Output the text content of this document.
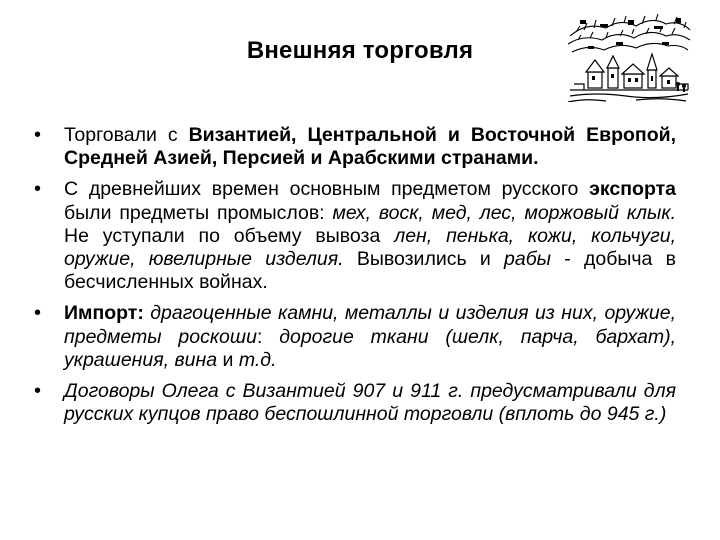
Внешняя торговля
• Торговали с Византией, Центральной и Восточной Европой, Средней Азией, Персией и Арабскими странами.
• С древнейших времен основным предметом русского экспорта были предметы промыслов: мех, воск, мед, лес, моржовый клык. Не уступали по объему вывоза лен, пенька, кожи, кольчуги, оружие, ювелирные изделия. Вывозились и рабы - добыча в бесчисленных войнах.
• Импорт: драгоценные камни, металлы и изделия из них, оружие, предметы роскоши: дорогие ткани (шелк, парча, бархат), украшения, вина и т.д.
• Договоры Олега с Византией 907 и 911 г. предусматривали для русских купцов право беспошлинной торговли (вплоть до 945 г.)
